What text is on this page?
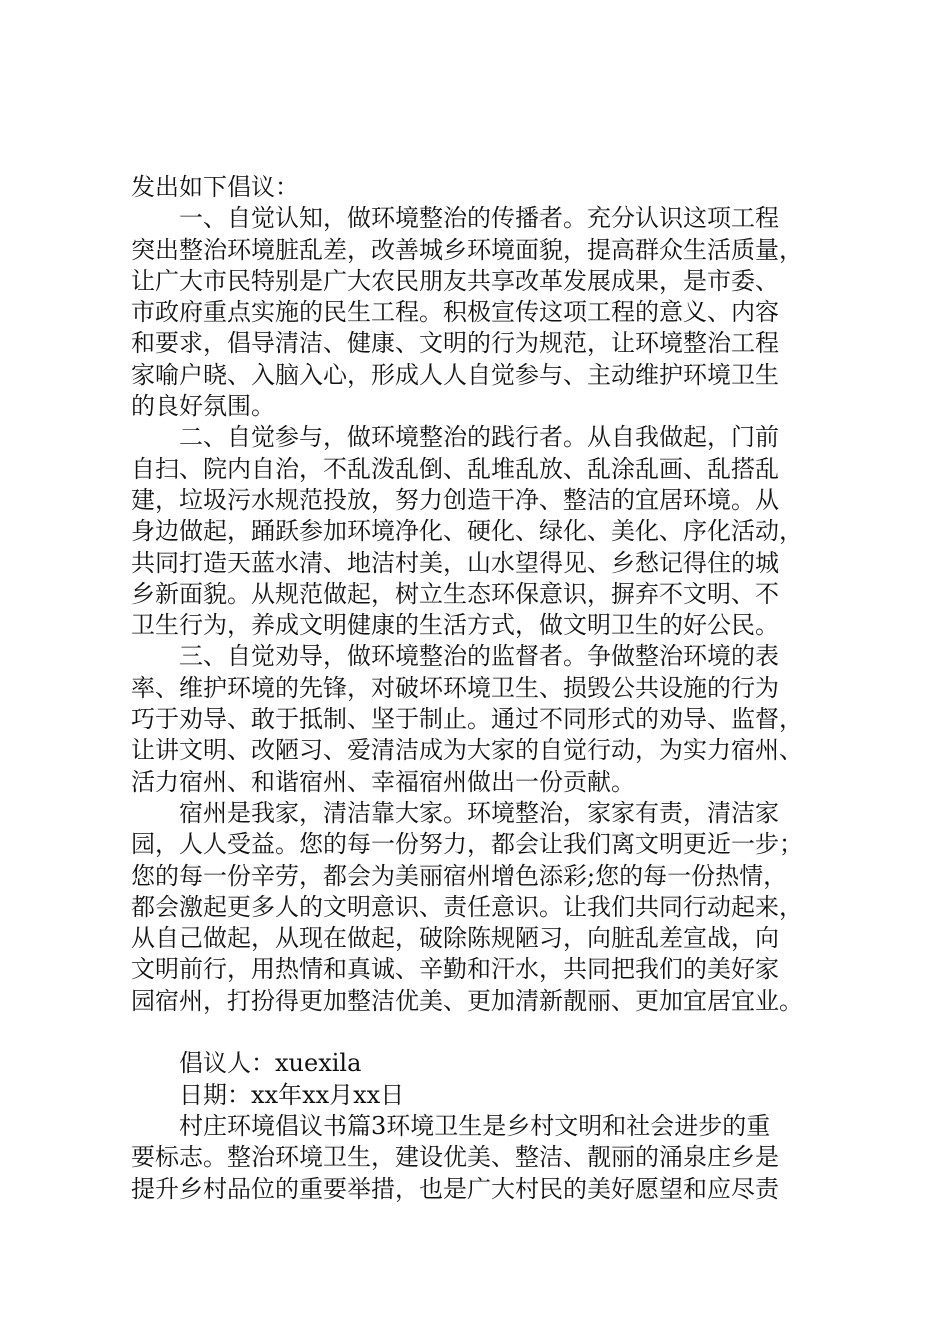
发出如下倡议：
一、自觉认知，做环境整治的传播者。充分认识这项工程
突出整治环境脏乱差，改善城乡环境面貌，提高群众生活质量，
让广大市民特别是广大农民朋友共享改革发展成果，是市委、
市政府重点实施的民生工程。积极宣传这项工程的意义、内容
和要求，倡导清洁、健康、文明的行为规范，让环境整治工程
家喻户晓、入脑入心，形成人人自觉参与、主动维护环境卫生
的良好氛围。
二、自觉参与，做环境整治的践行者。从自我做起，门前
自扫、院内自治，不乱泼乱倒、乱堆乱放、乱涂乱画、乱搭乱
建，垃圾污水规范投放，努力创造干净、整洁的宜居环境。从
身边做起，踊跃参加环境净化、硬化、绿化、美化、序化活动，
共同打造天蓝水清、地洁村美，山水望得见、乡愁记得住的城
乡新面貌。从规范做起，树立生态环保意识，摒弃不文明、不
卫生行为，养成文明健康的生活方式，做文明卫生的好公民。
三、自觉劝导，做环境整治的监督者。争做整治环境的表
率、维护环境的先锋，对破坏环境卫生、损毁公共设施的行为
巧于劝导、敢于抵制、坚于制止。通过不同形式的劝导、监督，
让讲文明、改陋习、爱清洁成为大家的自觉行动，为实力宿州、
活力宿州、和谐宿州、幸福宿州做出一份贡献。
宿州是我家，清洁靠大家。环境整治，家家有责，清洁家
园，人人受益。您的每一份努力，都会让我们离文明更近一步；
您的每一份辛劳，都会为美丽宿州增色添彩;您的每一份热情，
都会激起更多人的文明意识、责任意识。让我们共同行动起来，
从自己做起，从现在做起，破除陈规陋习，向脏乱差宣战，向
文明前行，用热情和真诚、辛勤和汗水，共同把我们的美好家
园宿州，打扮得更加整洁优美、更加清新靓丽、更加宜居宜业。
倡议人：xuexila
日期：xx年xx月xx日
村庄环境倡议书篇3环境卫生是乡村文明和社会进步的重
要标志。整治环境卫生，建设优美、整洁、靓丽的涌泉庄乡是
提升乡村品位的重要举措，也是广大村民的美好愿望和应尽责
